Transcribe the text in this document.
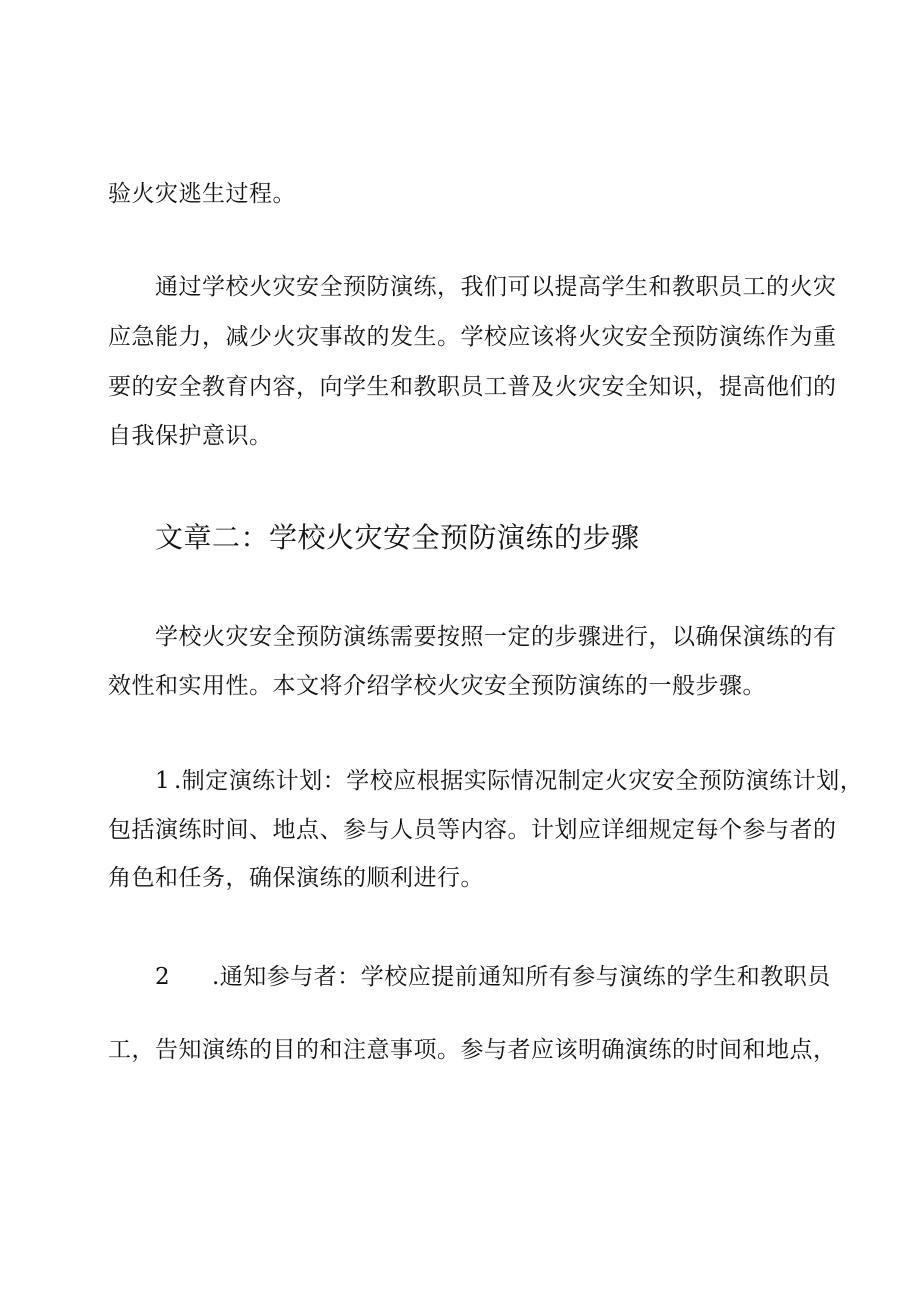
验火灾逃生过程。
通过学校火灾安全预防演练，我们可以提高学生和教职员工的火灾
应急能力，减少火灾事故的发生。学校应该将火灾安全预防演练作为重
要的安全教育内容，向学生和教职员工普及火灾安全知识，提高他们的
自我保护意识。
文章二：学校火灾安全预防演练的步骤
学校火灾安全预防演练需要按照一定的步骤进行，以确保演练的有
效性和实用性。本文将介绍学校火灾安全预防演练的一般步骤。
1 .制定演练计划：学校应根据实际情况制定火灾安全预防演练计划，
包括演练时间、地点、参与人员等内容。计划应详细规定每个参与者的
角色和任务，确保演练的顺利进行。
2 .通知参与者：学校应提前通知所有参与演练的学生和教职员
工，告知演练的目的和注意事项。参与者应该明确演练的时间和地点，
